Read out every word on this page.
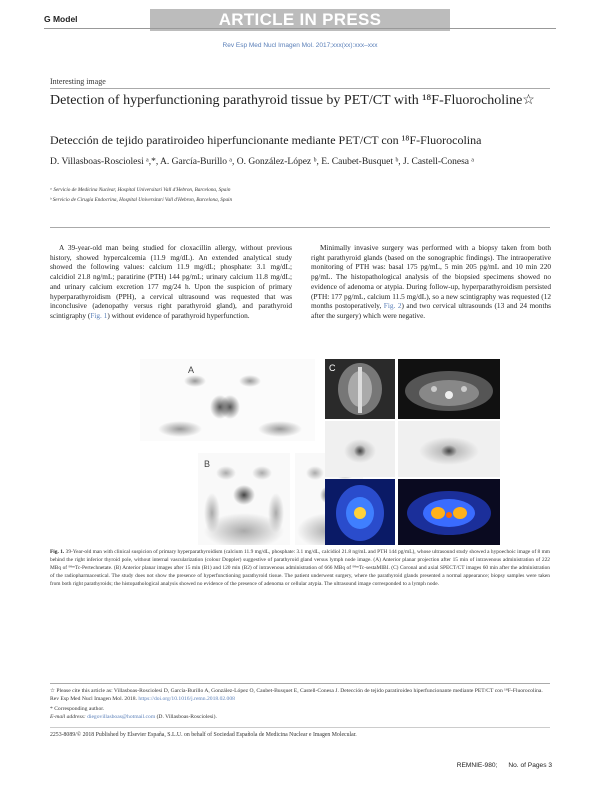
G Model	ARTICLE IN PRESS
Rev Esp Med Nucl Imagen Mol. 2017;xxx(xx):xxx–xxx
Interesting image
Detection of hyperfunctioning parathyroid tissue by PET/CT with ¹⁸F-Fluorocholine☆
Detección de tejido paratiroideo hiperfuncionante mediante PET/CT con ¹⁸F-Fluorocolina
D. Villasboas-Rosciolesi ᵃ,*, A. García-Burillo ᵃ, O. González-López ᵇ, E. Caubet-Busquet ᵇ, J. Castell-Conesa ᵃ
ᵃ Servicio de Medicina Nuclear, Hospital Universitari Vall d'Hebron, Barcelona, Spain
ᵇ Servicio de Cirugía Endocrina, Hospital Universitari Vall d'Hebron, Barcelona, Spain
A 39-year-old man being studied for cloxacillin allergy, without previous history, showed hypercalcemia (11.9 mg/dL). An extended analytical study showed the following values: calcium 11.9 mg/dL; phosphate: 3.1 mg/dL; calcidiol 21.8 ng/mL; paratirine (PTH) 144 pg/mL; urinary calcium 11.8 mg/dL; and urinary calcium excretion 177 mg/24 h. Upon the suspicion of primary hyperparathyroidism (PPH), a cervical ultrasound was requested that was inconclusive (adenopathy versus right parathyroid gland), and parathyroid scintigraphy (Fig. 1) without evidence of parathyroid hyperfunction.
Minimally invasive surgery was performed with a biopsy taken from both right parathyroid glands (based on the sonographic findings). The intraoperative monitoring of PTH was: basal 175 pg/mL, 5 min 205 pg/mL and 10 min 220 pg/mL. The histopathological analysis of the biopsied specimens showed no evidence of adenoma or atypia. During follow-up, hyperparathyroidism persisted (PTH: 177 pg/mL, calcium 11.5 mg/dL), so a new scintigraphy was requested (12 months postoperatively, Fig. 2) and two cervical ultrasounds (13 and 24 months after the surgery) which were negative.
A
B
C
Fig. 1. 39-Year-old man with clinical suspicion of primary hyperparathyroidism (calcium 11.9 mg/dL, phosphate: 3.1 mg/dL, calcidiol 21.8 ng/mL and PTH 144 pg/mL), whose ultrasound study showed a hypoechoic image of 8 mm behind the right inferior thyroid pole, without internal vascularization (colour Doppler) suggestive of parathyroid gland versus lymph node image. (A) Anterior planar projection after 15 min of intravenous administration of 222 MBq of ⁹⁹ᵐTc-Pertechnetate. (B) Anterior planar images after 15 min (B1) and 120 min (B2) of intravenous administration of 666 MBq of ⁹⁹ᵐTc-sestaMIBI. (C) Coronal and axial SPECT/CT images 60 min after the administration of the radiopharmaceutical. The study does not show the presence of hyperfunctioning parathyroid tissue. The patient underwent surgery, where the parathyroid glands presented a normal appearance; biopsy samples were taken from both right parathyroids; the histopathological analysis showed no evidence of the presence of adenoma or cellular atypia. The ultrasound image corresponded to a lymph node.
☆ Please cite this article as: Villasboas-Rosciolesi D, García-Burillo A, González-López O, Caubet-Busquet E, Castell-Conesa J. Detección de tejido paratiroideo hiperfuncionante mediante PET/CT con ¹⁸F-Fluorocolina. Rev Esp Med Nucl Imagen Mol. 2018. https://doi.org/10.1016/j.remn.2018.02.008
* Corresponding author.
E-mail address: diegovillasboas@hotmail.com (D. Villasboas-Rosciolesi).
2253-8089/© 2018 Published by Elsevier España, S.L.U. on behalf of Sociedad Española de Medicina Nuclear e Imagen Molecular.
REMNIE-980; No. of Pages 3
